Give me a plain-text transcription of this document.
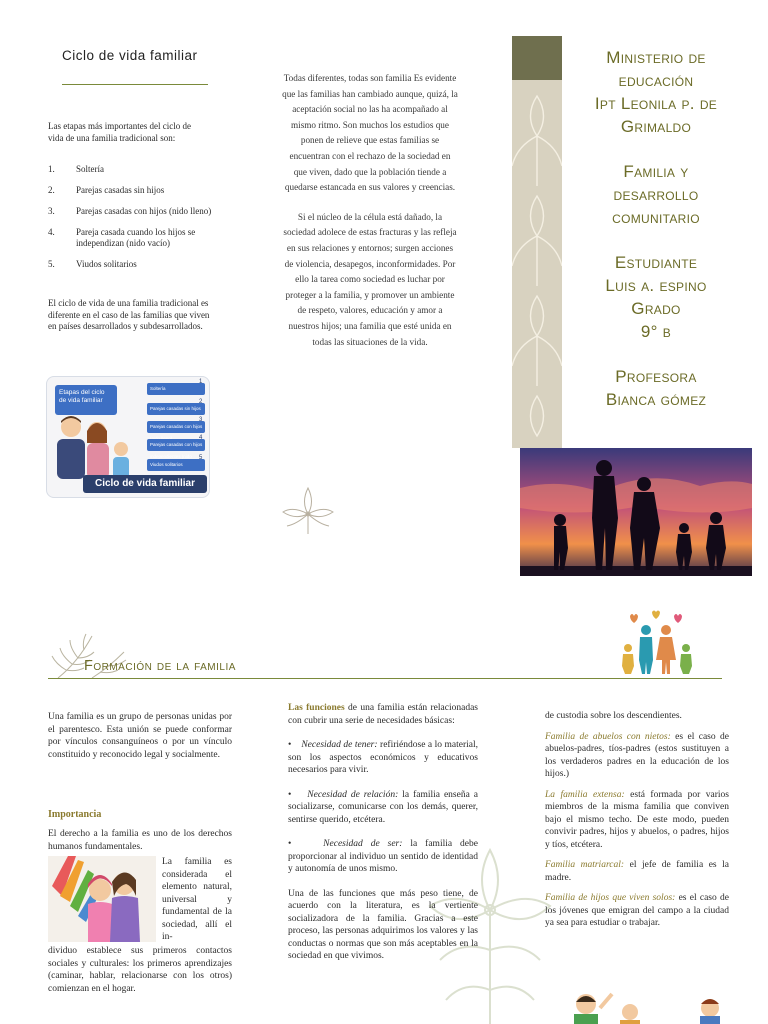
Ciclo de vida familiar

Las etapas más importantes del ciclo de vida de una familia tradicional son:

1.	Soltería
2.	Parejas casadas sin hijos
3.	Parejas casadas con hijos (nido lleno)
4.	Pareja casada cuando los hijos se independizan (nido vacío)
5.	Viudos solitarios

El ciclo de vida de una familia tradicional es diferente en el caso de las familias que viven en países desarrollados y subdesarrollados.

Etapas del ciclo de vida familiar
Soltería
Parejas casadas sin hijos
Parejas casadas con hijos
Parejas casadas con hijos independientes (nido
Viudos solitarios
1
2
3
4
5
Ciclo de vida familiar

Todas diferentes, todas son familia Es evidente que las familias han cambiado aunque, quizá, la aceptación social no las ha acompañado al mismo ritmo. Son muchos los estudios que ponen de relieve que estas familias se encuentran con el rechazo de la sociedad en que viven, dado que la población tiende a quedarse estancada en sus valores y creencias.

Si el núcleo de la célula está dañado, la sociedad adolece de estas fracturas y las refleja en sus relaciones y entornos; surgen acciones de violencia, desapegos, inconformidades. Por ello la tarea como sociedad es luchar por proteger a la familia, y promover un ambiente de respeto, valores, educación y amor a nuestros hijos; una familia que esté unida en todas las situaciones de la vida.

Ministerio de
educación
Ipt Leonila p. de
Grimaldo
Familia y
desarrollo
comunitario
Estudiante
Luis a. espino
Grado
9° b
Profesora
Bianca gómez
Formación de la familia

Una familia es un grupo de personas unidas por el parentesco. Esta unión se puede conformar por vínculos consanguíneos o por un vínculo constituido y reconocido legal y socialmente.

Importancia

El derecho a la familia es uno de los derechos humanos fundamentales.

La familia es considerada el elemento natural, universal y fundamental de la sociedad, allí el in-

dividuo establece sus primeros contactos sociales y culturales: los primeros aprendizajes (caminar, hablar, relacionarse con los otros) comienzan en el hogar.

Las funciones de una familia están relacionadas con cubrir una serie de necesidades básicas:

•    Necesidad de tener: refiriéndose a lo material, son los aspectos económicos y educativos necesarios para vivir.

•    Necesidad de relación: la familia enseña a socializarse, comunicarse con los demás, querer, sentirse querido, etcétera.

•    Necesidad de ser: la familia debe proporcionar al individuo un sentido de identidad y autonomía de unos mismo.

Una de las funciones que más peso tiene, de acuerdo con la literatura, es la vertiente socializadora de la familia. Gracias a este proceso, las personas adquirimos los valores y las conductas o normas que son más aceptables en la sociedad en que vivimos.

de custodia sobre los descendientes.

Familia de abuelos con nietos: es el caso de abuelos-padres, tíos-padres (estos sustituyen a los verdaderos padres en la educación de los hijos.)

La familia extensa: está formada por varios miembros de la misma familia que conviven bajo el mismo techo. De este modo, pueden convivir padres, hijos y abuelos, o padres, hijos y tíos, etcétera.

Familia matriarcal: el jefe de familia es la madre.

Familia de hijos que viven solos: es el caso de los jóvenes que emigran del campo a la ciudad ya sea para estudiar o trabajar.
